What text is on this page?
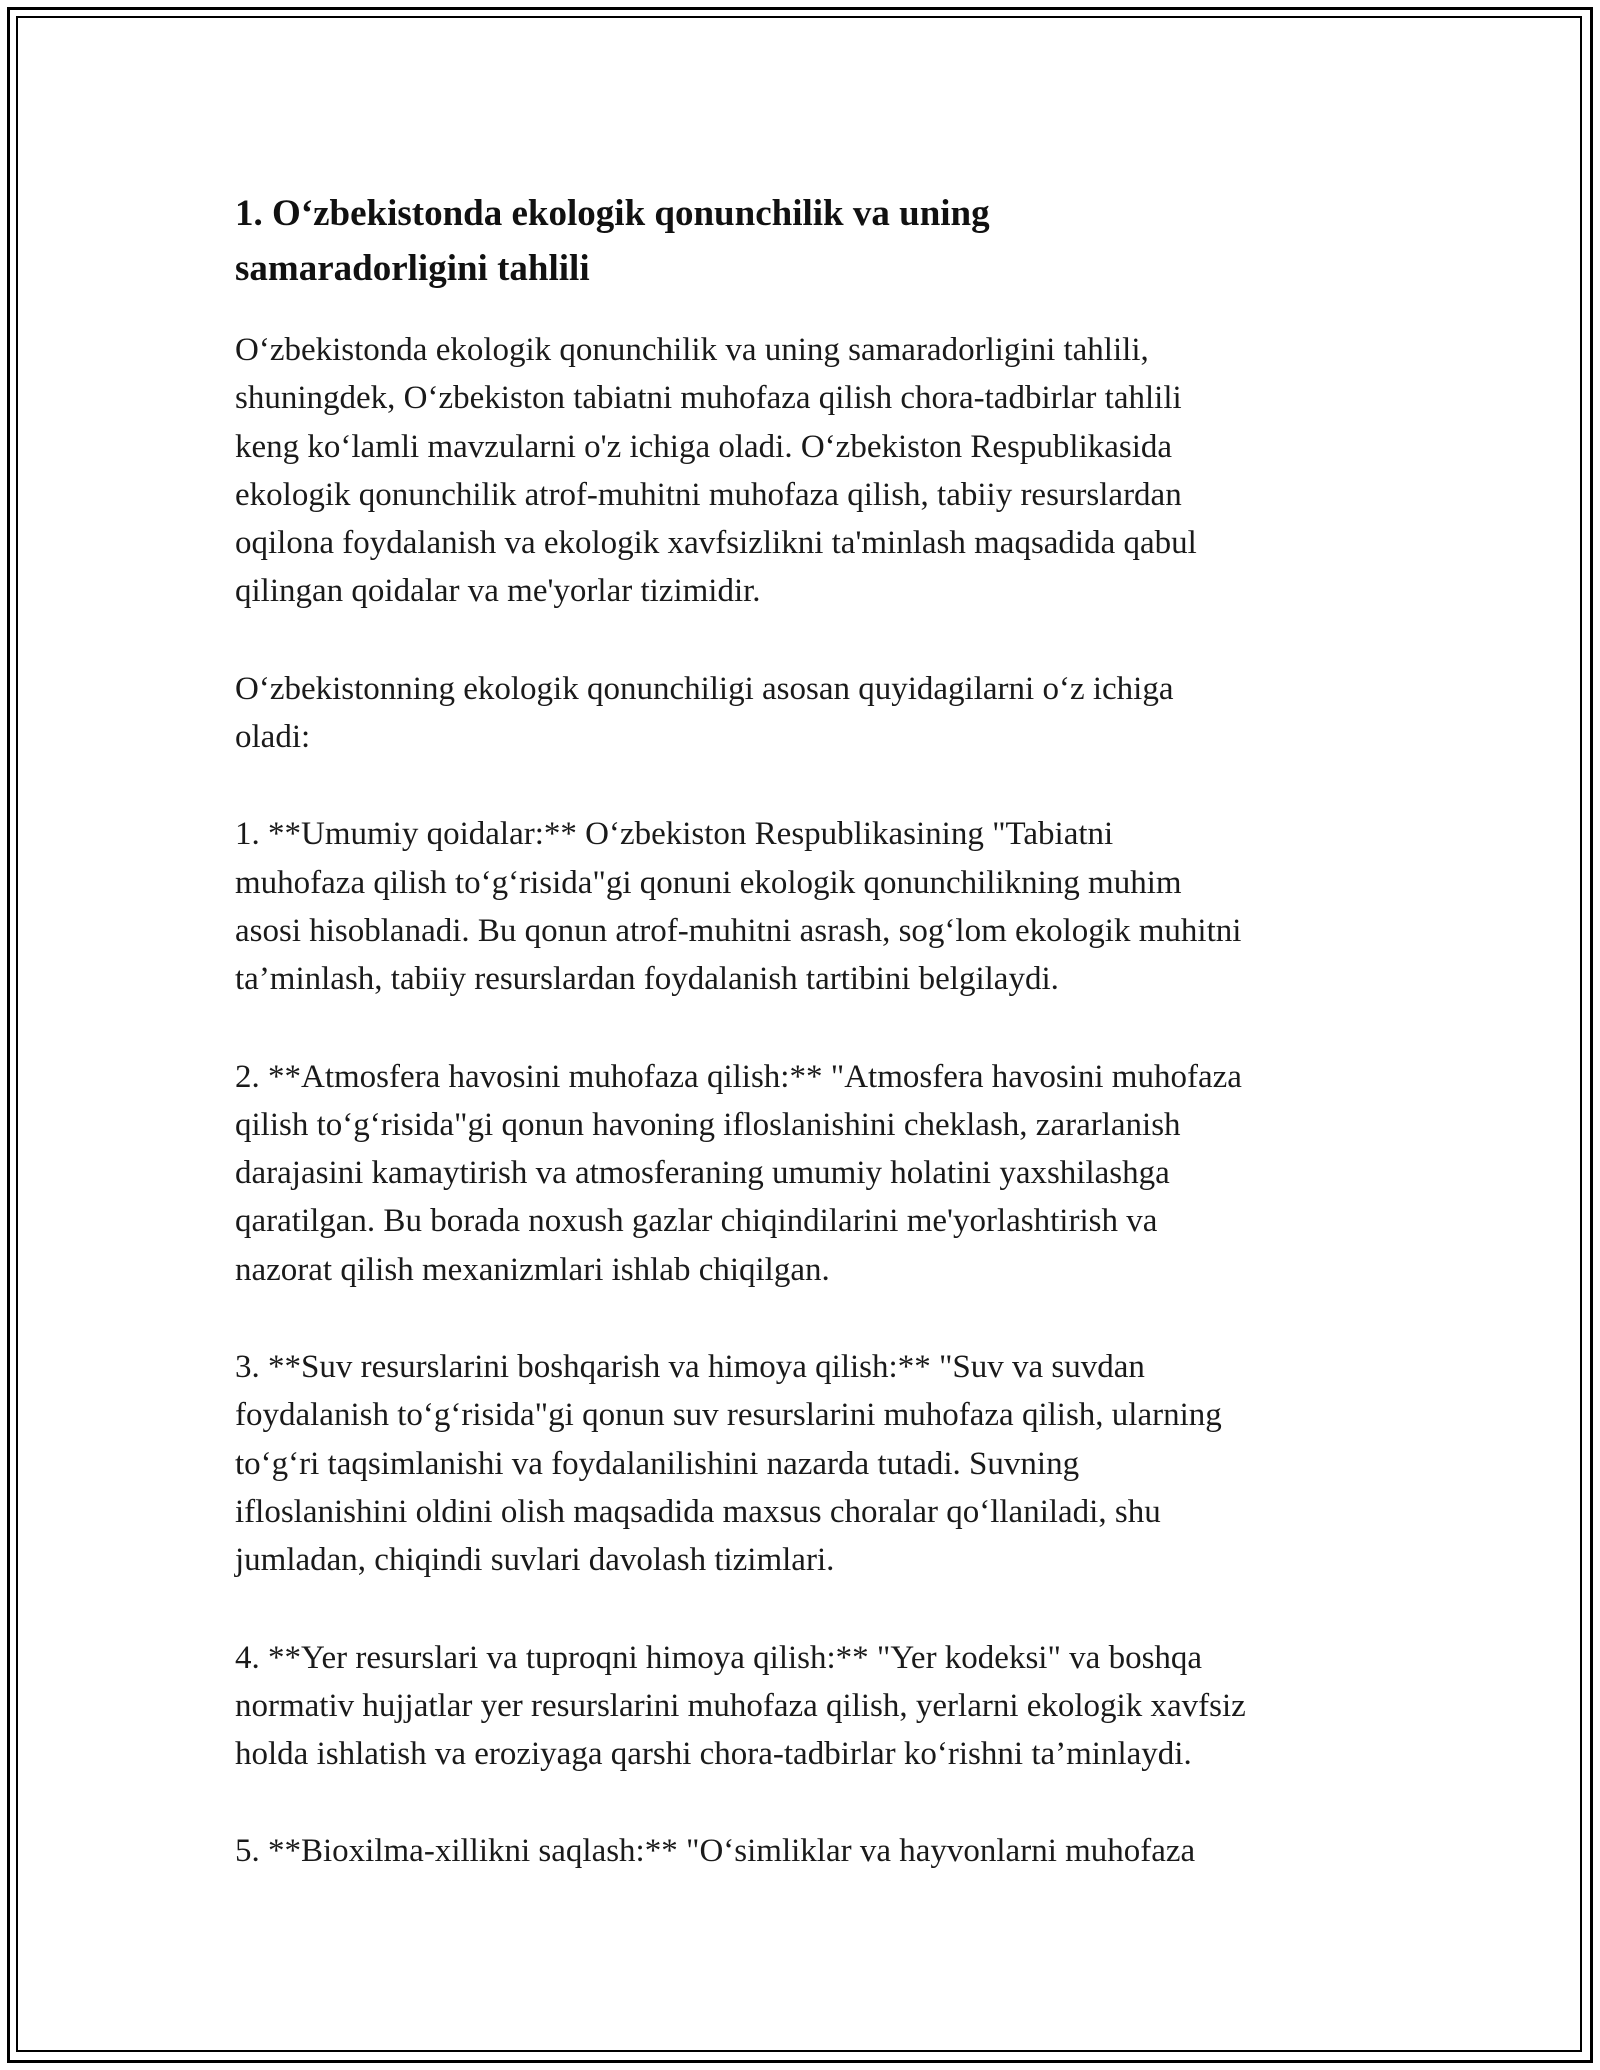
1. O‘zbekistonda ekologik qonunchilik va uning
samaradorligini tahlili

O‘zbekistonda ekologik qonunchilik va uning samaradorligini tahlili,
shuningdek, O‘zbekiston tabiatni muhofaza qilish chora-tadbirlar tahlili
keng ko‘lamli mavzularni o'z ichiga oladi. O‘zbekiston Respublikasida
ekologik qonunchilik atrof-muhitni muhofaza qilish, tabiiy resurslardan
oqilona foydalanish va ekologik xavfsizlikni ta'minlash maqsadida qabul
qilingan qoidalar va me'yorlar tizimidir.

O‘zbekistonning ekologik qonunchiligi asosan quyidagilarni o‘z ichiga
oladi:

1. **Umumiy qoidalar:** O‘zbekiston Respublikasining "Tabiatni
muhofaza qilish to‘g‘risida"gi qonuni ekologik qonunchilikning muhim
asosi hisoblanadi. Bu qonun atrof-muhitni asrash, sog‘lom ekologik muhitni
ta’minlash, tabiiy resurslardan foydalanish tartibini belgilaydi.

2. **Atmosfera havosini muhofaza qilish:** "Atmosfera havosini muhofaza
qilish to‘g‘risida"gi qonun havoning ifloslanishini cheklash, zararlanish
darajasini kamaytirish va atmosferaning umumiy holatini yaxshilashga
qaratilgan. Bu borada noxush gazlar chiqindilarini me'yorlashtirish va
nazorat qilish mexanizmlari ishlab chiqilgan.

3. **Suv resurslarini boshqarish va himoya qilish:** "Suv va suvdan
foydalanish to‘g‘risida"gi qonun suv resurslarini muhofaza qilish, ularning
to‘g‘ri taqsimlanishi va foydalanilishini nazarda tutadi. Suvning
ifloslanishini oldini olish maqsadida maxsus choralar qo‘llaniladi, shu
jumladan, chiqindi suvlari davolash tizimlari.

4. **Yer resurslari va tuproqni himoya qilish:** "Yer kodeksi" va boshqa
normativ hujjatlar yer resurslarini muhofaza qilish, yerlarni ekologik xavfsiz
holda ishlatish va eroziyaga qarshi chora-tadbirlar ko‘rishni ta’minlaydi.

5. **Bioxilma-xillikni saqlash:** "O‘simliklar va hayvonlarni muhofaza
